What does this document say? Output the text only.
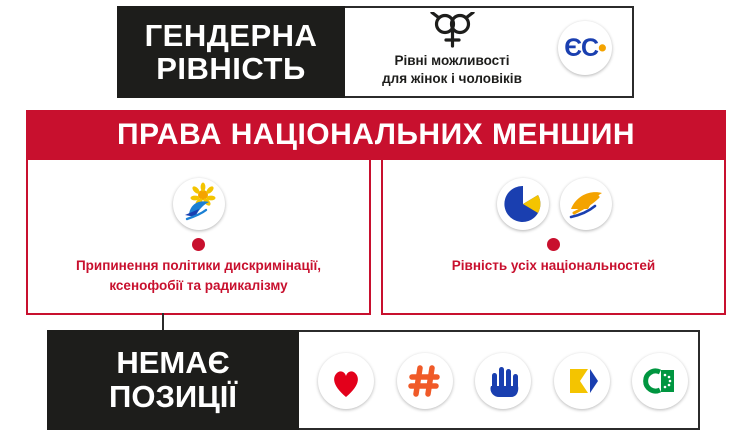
ГЕНДЕРНА
РІВНІСТЬ	Рівні можливості
для жінок і чоловіків
ЄС•
ПРАВА НАЦІОНАЛЬНИХ МЕНШИН
Припинення політики дискримінації,
ксенофобії та радикалізму
Рівність усіх національностей
НЕМАЄ
ПОЗИЦІЇ
